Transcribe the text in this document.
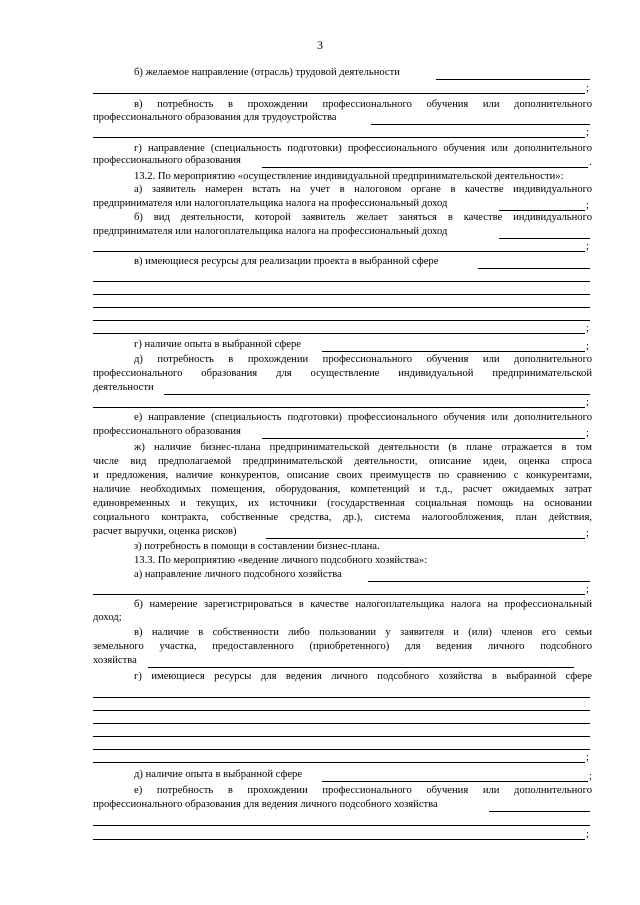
3
б) желаемое направление (отрасль) трудовой деятельности
;
в) потребность в прохождении профессионального обучения или дополнительного
профессионального образования для трудоустройства
;
г) направление (специальность подготовки) профессионального обучения или дополнительного
профессионального образования	.
13.2. По мероприятию «осуществление индивидуальной предпринимательской деятельности»:
а) заявитель намерен встать на учет в налоговом органе в качестве индивидуального
предпринимателя или налогоплательщика налога на профессиональный доход	;
б) вид деятельности, которой заявитель желает заняться в качестве индивидуального
предпринимателя или налогоплательщика налога на профессиональный доход
;
в) имеющиеся ресурсы для реализации проекта в выбранной сфере
;
г) наличие опыта в выбранной сфере	;
д) потребность в прохождении профессионального обучения или дополнительного
профессионального образования для осуществление индивидуальной предпринимательской
деятельности
;
е) направление (специальность подготовки) профессионального обучения или дополнительного
профессионального образования	;
ж) наличие бизнес-плана предпринимательской деятельности (в плане отражается в том
числе вид предполагаемой предпринимательской деятельности, описание идеи, оценка спроса
и предложения, наличие конкурентов, описание своих преимуществ по сравнению с конкурентами,
наличие необходимых помещения, оборудования, компетенций и т.д., расчет ожидаемых затрат
единовременных и текущих, их источники (государственная социальная помощь на основании
социального контракта, собственные средства, др.), система налогообложения, план действия,
расчет выручки, оценка рисков)	;
з) потребность в помощи в составлении бизнес-плана.
13.3. По мероприятию «ведение личного подсобного хозяйства»:
а) направление личного подсобного хозяйства
;
б) намерение зарегистрироваться в качестве налогоплательщика налога на профессиональный
доход;
в) наличие в собственности либо пользовании у заявителя и (или) членов его семьи
земельного участка, предоставленного (приобретенного) для ведения личного подсобного
хозяйства
г) имеющиеся ресурсы для ведения личного подсобного хозяйства в выбранной сфере
;
д) наличие опыта в выбранной сфере	;
е) потребность в прохождении профессионального обучения или дополнительного
профессионального образования для ведения личного подсобного хозяйства
;
